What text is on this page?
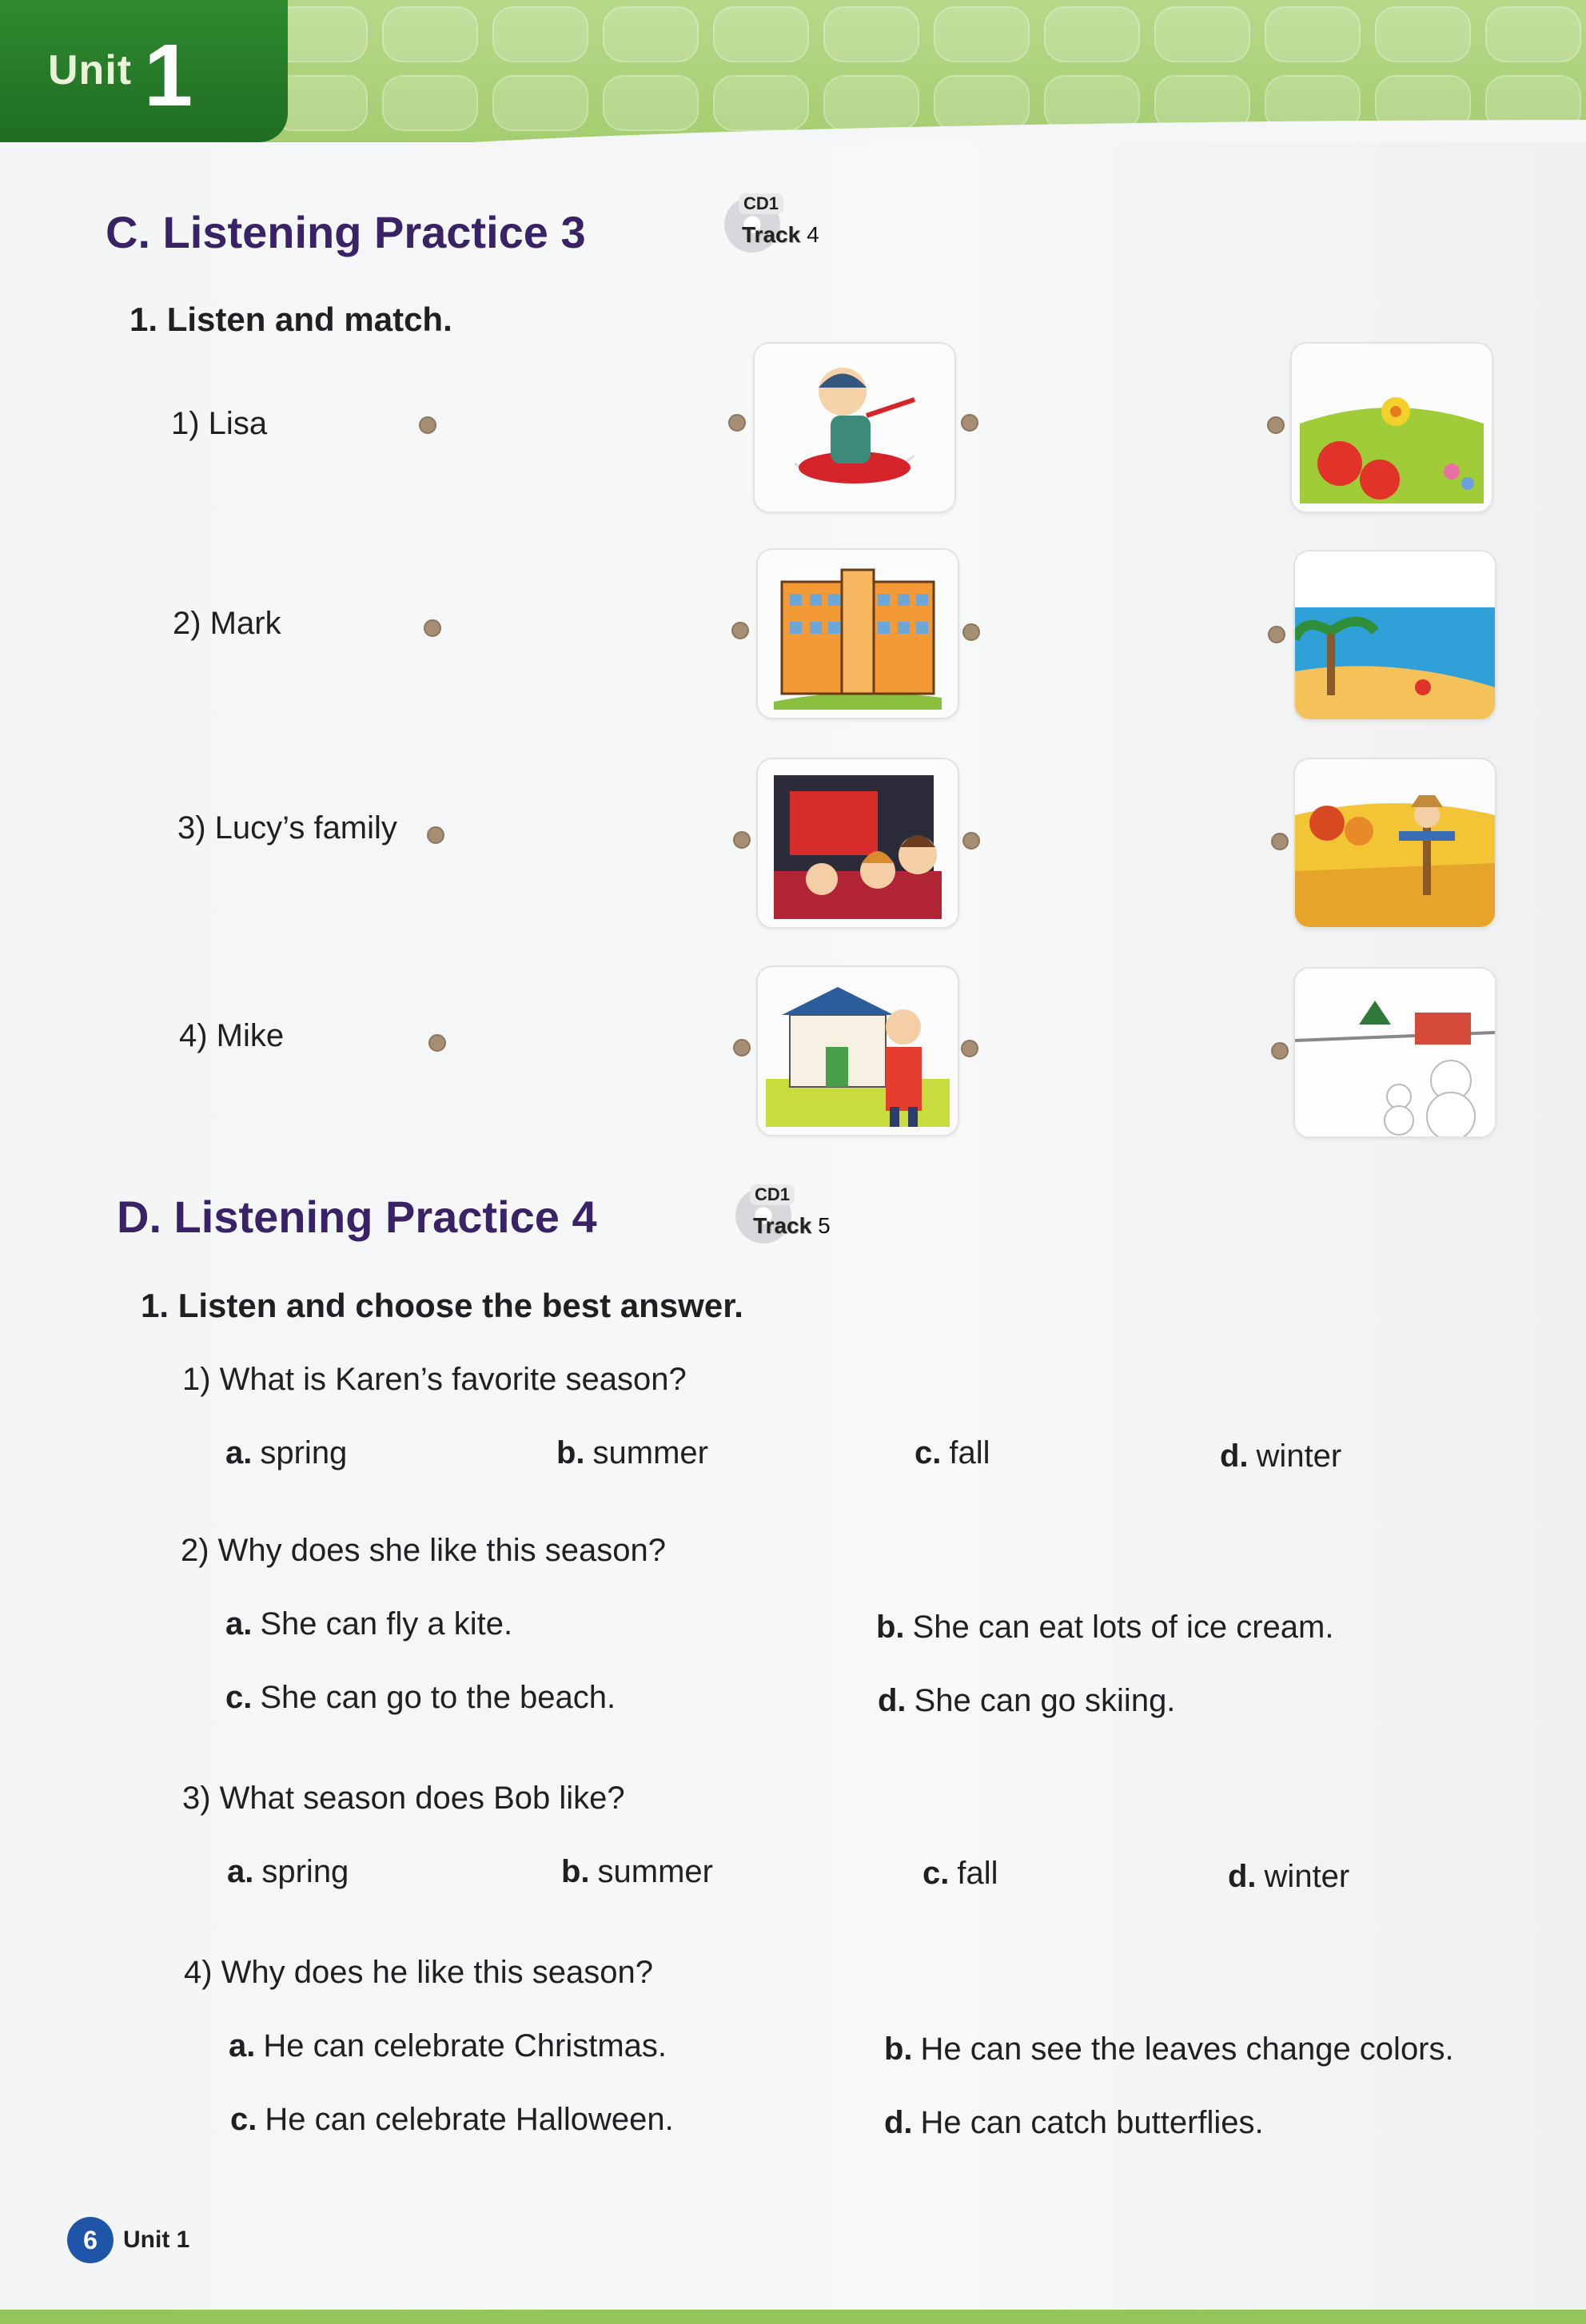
Unit 1
C. Listening Practice 3
CD1
Track 4
1. Listen and match.
1) Lisa
2) Mark
3) Lucy’s family
4) Mike
D. Listening Practice 4	CD1
Track 5
1. Listen and choose the best answer.
1) What is Karen’s favorite season?
a. spring	b. summer	c. fall	d. winter
2) Why does she like this season?
a. She can fly a kite.	b. She can eat lots of ice cream.
c. She can go to the beach.	d. She can go skiing.
3) What season does Bob like?
a. spring	b. summer	c. fall	d. winter
4) Why does he like this season?
a. He can celebrate Christmas.	b. He can see the leaves change colors.
c. He can celebrate Halloween.	d. He can catch butterflies.
6	Unit 1
